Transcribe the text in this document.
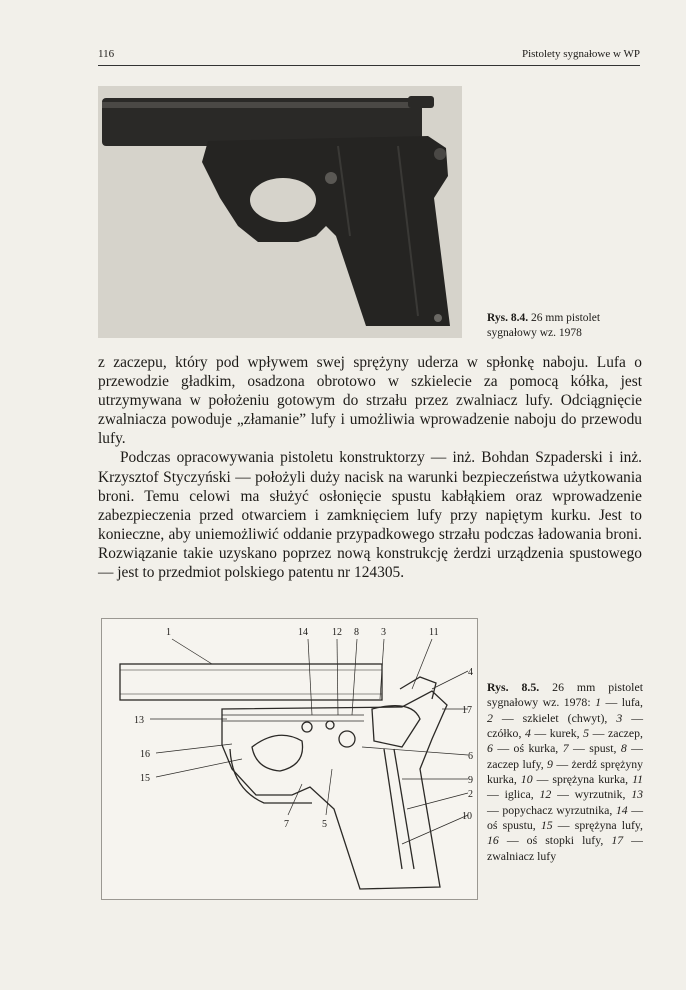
116	Pistolety sygnałowe w WP
Rys. 8.4. 26 mm pistolet sygnałowy wz. 1978

z zaczepu, który pod wpływem swej sprężyny uderza w spłonkę naboju. Lufa o przewodzie gładkim, osadzona obrotowo w szkielecie za pomocą kółka, jest utrzymywana w położeniu gotowym do strzału przez zwalniacz lufy. Odciągnięcie zwalniacza powoduje „złamanie” lufy i umożliwia wprowadzenie naboju do przewodu lufy.

Podczas opracowywania pistoletu konstruktorzy — inż. Bohdan Szpaderski i inż. Krzysztof Styczyński — położyli duży nacisk na warunki bezpieczeństwa użytkowania broni. Temu celowi ma służyć osłonięcie spustu kabłąkiem oraz wprowadzenie zabezpieczenia przed otwarciem i zamknięciem lufy przy napiętym kurku. Jest to konieczne, aby uniemożliwić oddanie przypadkowego strzału podczas ładowania broni. Rozwiązanie takie uzyskano poprzez nową konstrukcję żerdzi urządzenia spustowego — jest to przedmiot polskiego patentu nr 124305.

1	14 12 8 3	11
4
17
13
16	6
15	9
2
10
7	5
Rys. 8.5. 26 mm pistolet sygnałowy wz. 1978: 1 — lufa, 2 — szkielet (chwyt), 3 — czółko, 4 — kurek, 5 — zaczep, 6 — oś kurka, 7 — spust, 8 — zaczep lufy, 9 — żerdź sprężyny kurka, 10 — sprężyna kurka, 11 — iglica, 12 — wyrzutnik, 13 — popychacz wyrzutnika, 14 — oś spustu, 15 — sprężyna lufy, 16 — oś stopki lufy, 17 — zwalniacz lufy
